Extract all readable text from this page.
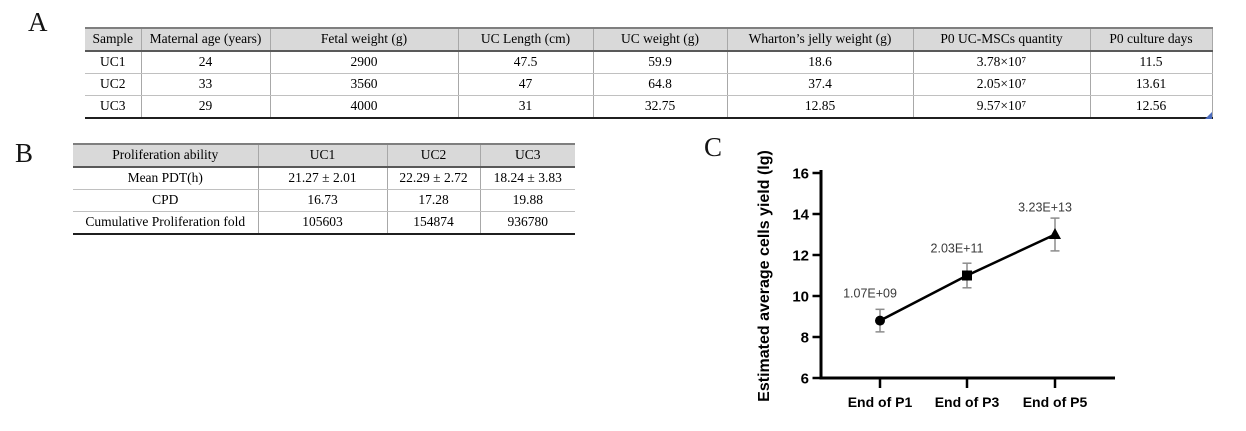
A
B	C
Sample	Maternal age (years)	Fetal weight (g)	UC Length (cm)	UC weight (g)	Wharton’s jelly weight (g)	P0 UC-MSCs quantity	P0 culture days
UC1	24	2900	47.5	59.9	18.6	3.78×10⁷	11.5
UC2	33	3560	47	64.8	37.4	2.05×10⁷	13.61
UC3	29	4000	31	32.75	12.85	9.57×10⁷	12.56
Proliferation ability	UC1	UC2	UC3
Mean PDT(h)	21.27 ± 2.01	22.29 ± 2.72	18.24 ± 3.83
CPD	16.73	17.28	19.88
Cumulative Proliferation fold	105603	154874	936780
6
8
10
12
14
16
End of P1 End of P3 End of P5
Estimated average cells yield (lg)	1.07E+09
2.03E+11
3.23E+13
